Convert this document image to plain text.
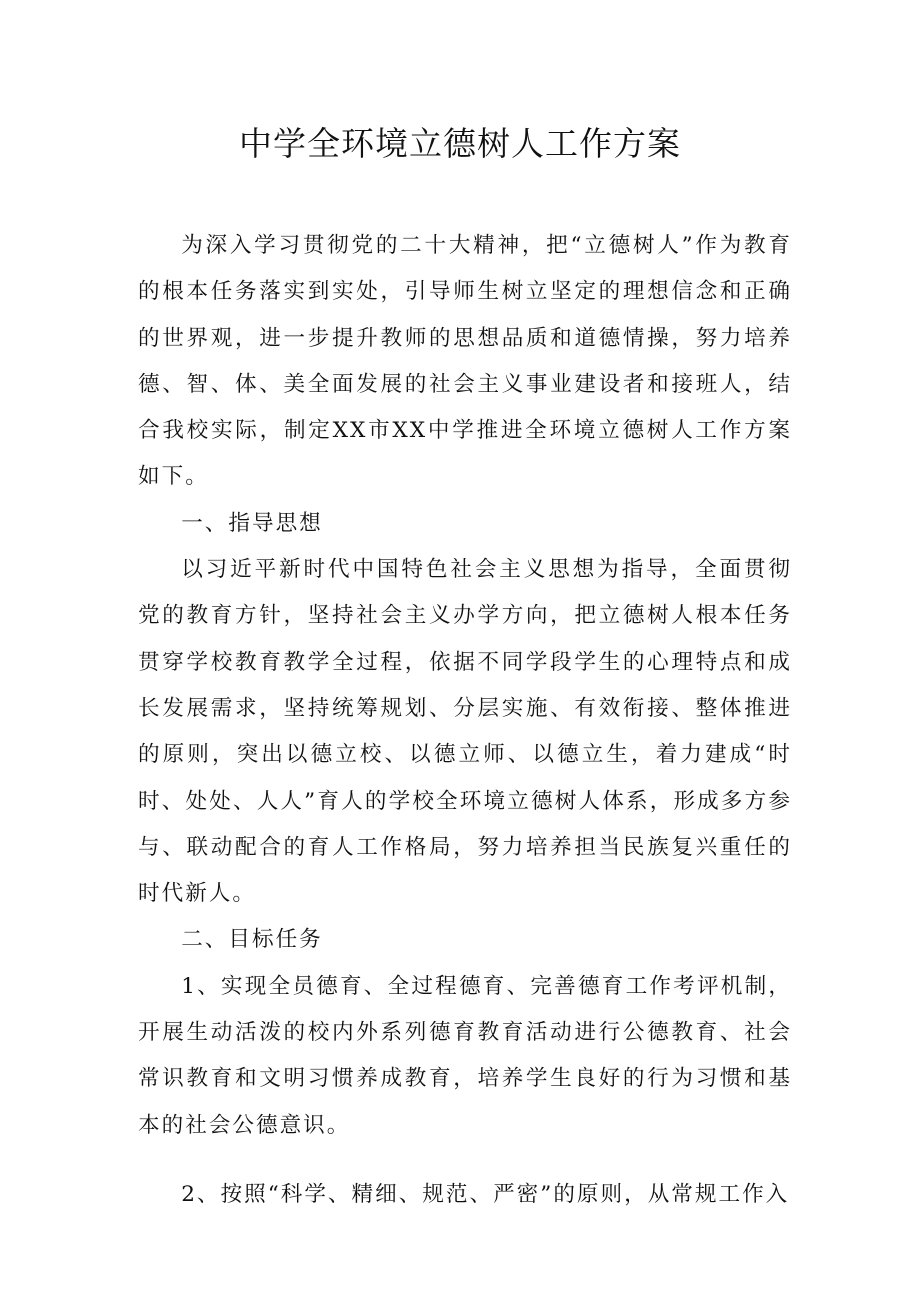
中学全环境立德树人工作方案

为深入学习贯彻党的二十大精神，把“立德树人”作为教育的根本任务落实到实处，引导师生树立坚定的理想信念和正确的世界观，进一步提升教师的思想品质和道德情操，努力培养德、智、体、美全面发展的社会主义事业建设者和接班人，结合我校实际，制定XX市XX中学推进全环境立德树人工作方案如下。

一、指导思想

以习近平新时代中国特色社会主义思想为指导，全面贯彻党的教育方针，坚持社会主义办学方向，把立德树人根本任务贯穿学校教育教学全过程，依据不同学段学生的心理特点和成长发展需求，坚持统筹规划、分层实施、有效衔接、整体推进的原则，突出以德立校、以德立师、以德立生，着力建成“时时、处处、人人”育人的学校全环境立德树人体系，形成多方参与、联动配合的育人工作格局，努力培养担当民族复兴重任的时代新人。

二、目标任务

1、实现全员德育、全过程德育、完善德育工作考评机制，开展生动活泼的校内外系列德育教育活动进行公德教育、社会常识教育和文明习惯养成教育，培养学生良好的行为习惯和基本的社会公德意识。

2、按照“科学、精细、规范、严密”的原则，从常规工作入
